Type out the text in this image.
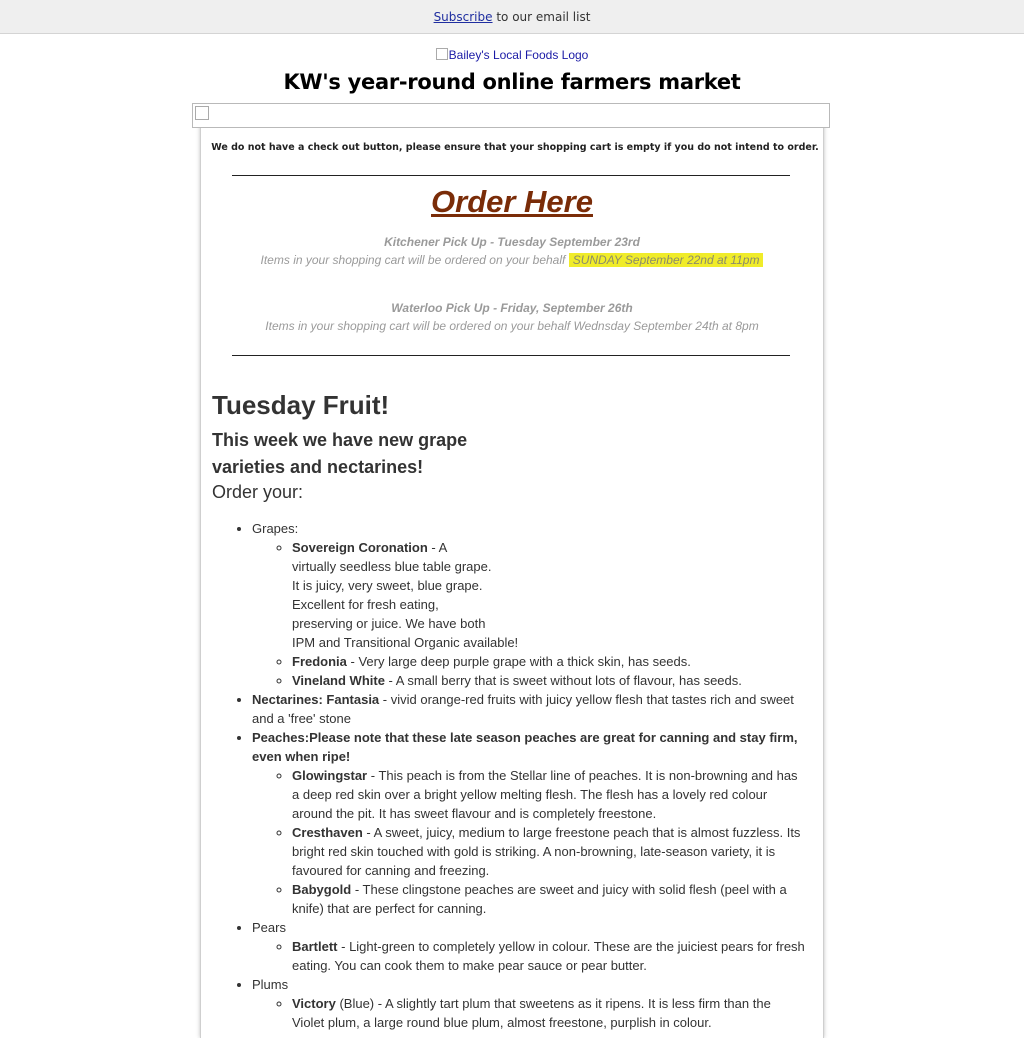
Subscribe to our email list
Bailey's Local Foods Logo
KW's year-round online farmers market
We do not have a check out button, please ensure that your shopping cart is empty if you do not intend to order.
Order Here
Kitchener Pick Up - Tuesday September 23rd
Items in your shopping cart will be ordered on your behalf SUNDAY September 22nd at 11pm
Waterloo Pick Up - Friday, September 26th
Items in your shopping cart will be ordered on your behalf Wednsday September 24th at 8pm
Tuesday Fruit!
This week we have new grape varieties and nectarines!
Order your:
• Grapes:
◦ Sovereign Coronation - A
virtually seedless blue table grape.
It is juicy, very sweet, blue grape.
Excellent for fresh eating,
preserving or juice. We have both
IPM and Transitional Organic available!
◦ Fredonia - Very large deep purple grape with a thick skin, has seeds.
◦ Vineland White - A small berry that is sweet without lots of flavour, has seeds.
• Nectarines: Fantasia - vivid orange-red fruits with juicy yellow flesh that tastes rich and sweet and a 'free' stone
• Peaches:Please note that these late season peaches are great for canning and stay firm, even when ripe!
◦ Glowingstar - This peach is from the Stellar line of peaches. It is non-browning and has a deep red skin over a bright yellow melting flesh. The flesh has a lovely red colour around the pit. It has sweet flavour and is completely freestone.
◦ Cresthaven - A sweet, juicy, medium to large freestone peach that is almost fuzzless. Its bright red skin touched with gold is striking. A non-browning, late-season variety, it is favoured for canning and freezing.
◦ Babygold - These clingstone peaches are sweet and juicy with solid flesh (peel with a knife) that are perfect for canning.
• Pears
◦ Bartlett - Light-green to completely yellow in colour. These are the juiciest pears for fresh eating. You can cook them to make pear sauce or pear butter.
• Plums
◦ Victory (Blue) - A slightly tart plum that sweetens as it ripens. It is less firm than the Violet plum, a large round blue plum, almost freestone, purplish in colour.
